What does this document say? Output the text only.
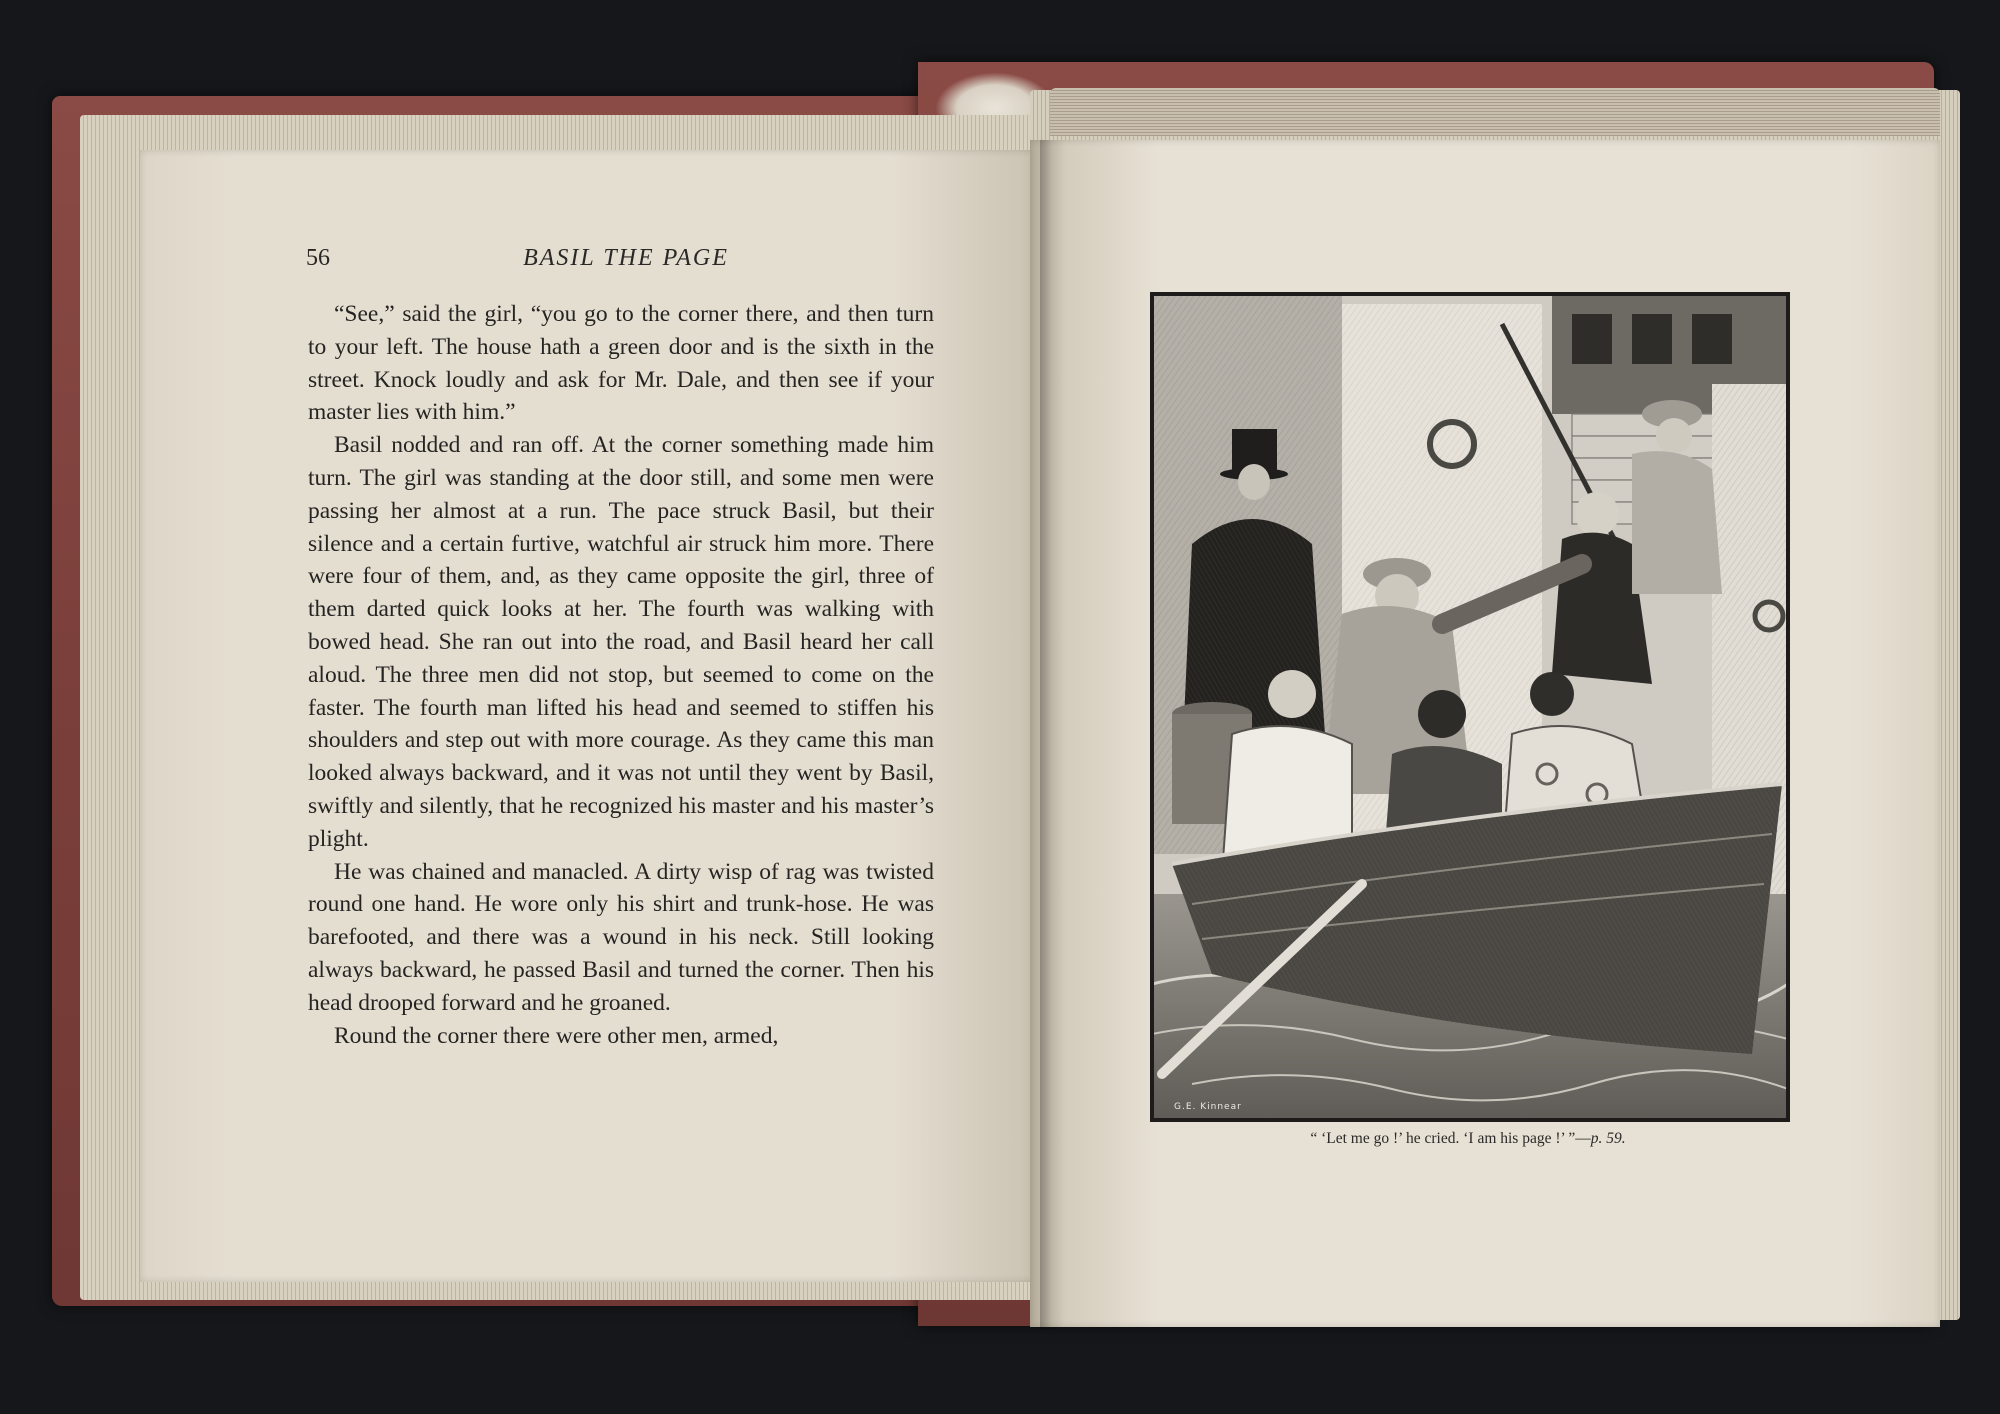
56	BASIL THE PAGE

“See,” said the girl, “you go to the corner there, and then turn to your left. The house hath a green door and is the sixth in the street. Knock loudly and ask for Mr. Dale, and then see if your master lies with him.”

Basil nodded and ran off. At the corner something made him turn. The girl was standing at the door still, and some men were passing her almost at a run. The pace struck Basil, but their silence and a certain furtive, watchful air struck him more. There were four of them, and, as they came opposite the girl, three of them darted quick looks at her. The fourth was walking with bowed head. She ran out into the road, and Basil heard her call aloud. The three men did not stop, but seemed to come on the faster. The fourth man lifted his head and seemed to stiffen his shoulders and step out with more courage. As they came this man looked always backward, and it was not until they went by Basil, swiftly and silently, that he recognized his master and his master’s plight.

He was chained and manacled. A dirty wisp of rag was twisted round one hand. He wore only his shirt and trunk-hose. He was barefooted, and there was a wound in his neck. Still looking always backward, he passed Basil and turned the corner. Then his head drooped forward and he groaned.

Round the corner there were other men, armed,

G.E. Kinnear
“ ‘Let me go !’ he cried. ‘I am his page !’ ”—p. 59.
